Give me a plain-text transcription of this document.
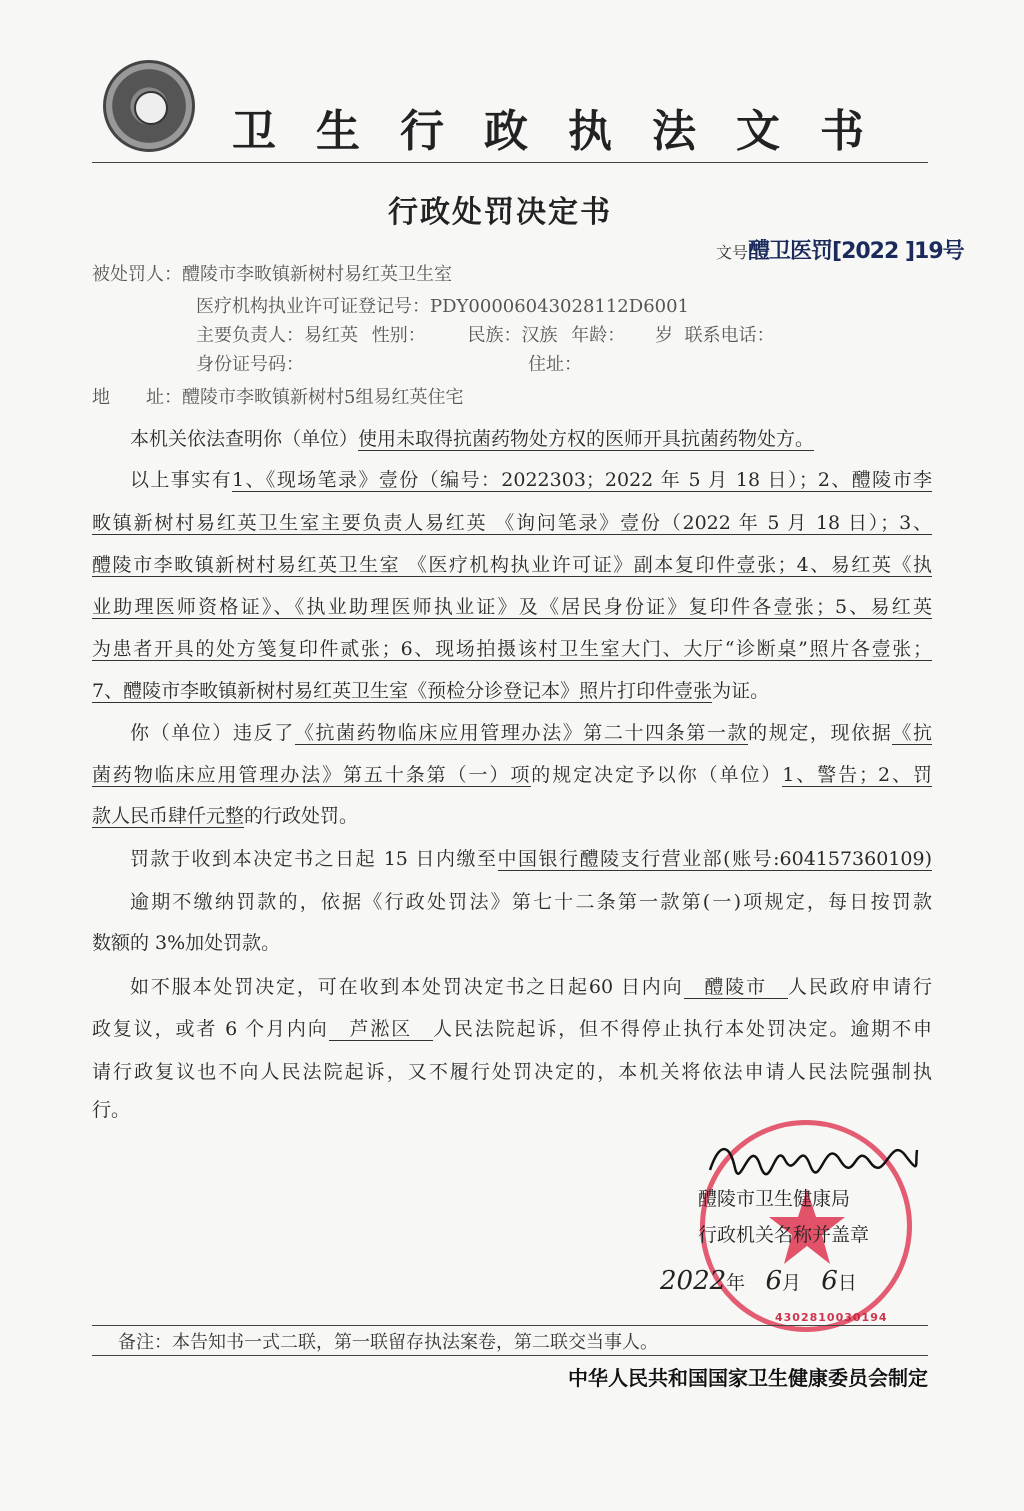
卫生行政执法文书
行政处罚决定书
文号醴卫医罚[2022 ]19号
被处罚人：醴陵市李畋镇新树村易红英卫生室
医疗机构执业许可证登记号：PDY00006043028112D6001
主要负责人：易红英 性别： 民族：汉族 年龄： 岁 联系电话：
身份证号码：	住址：
地　　址：醴陵市李畋镇新树村5组易红英住宅
本机关依法查明你（单位）使用未取得抗菌药物处方权的医师开具抗菌药物处方。
以上事实有1、《现场笔录》壹份（编号：2022303；2022 年 5 月 18 日）；2、醴陵市李
畋镇新树村易红英卫生室主要负责人易红英 《询问笔录》壹份（2022 年 5 月 18 日）；3、
醴陵市李畋镇新树村易红英卫生室 《医疗机构执业许可证》副本复印件壹张；4、易红英《执
业助理医师资格证》、《执业助理医师执业证》及《居民身份证》复印件各壹张；5、易红英
为患者开具的处方笺复印件贰张；6、现场拍摄该村卫生室大门、大厅“诊断桌”照片各壹张；
7、醴陵市李畋镇新树村易红英卫生室《预检分诊登记本》照片打印件壹张为证。
你（单位）违反了《抗菌药物临床应用管理办法》第二十四条第一款的规定，现依据《抗
菌药物临床应用管理办法》第五十条第（一）项的规定决定予以你（单位）1、警告；2、罚
款人民币肆仟元整的行政处罚。
罚款于收到本决定书之日起 15 日内缴至中国银行醴陵支行营业部(账号:604157360109)
逾期不缴纳罚款的，依据《行政处罚法》第七十二条第一款第(一)项规定，每日按罚款
数额的 3%加处罚款。
如不服本处罚决定，可在收到本处罚决定书之日起60 日内向　醴陵市　人民政府申请行
政复议，或者 6 个月内向　芦淞区　人民法院起诉，但不得停止执行本处罚决定。逾期不申
请行政复议也不向人民法院起诉，又不履行处罚决定的，本机关将依法申请人民法院强制执
行。
4302810030194
醴陵市卫生健康局
行政机关名称并盖章
2022年 6月 6日
备注：本告知书一式二联，第一联留存执法案卷，第二联交当事人。
中华人民共和国国家卫生健康委员会制定
